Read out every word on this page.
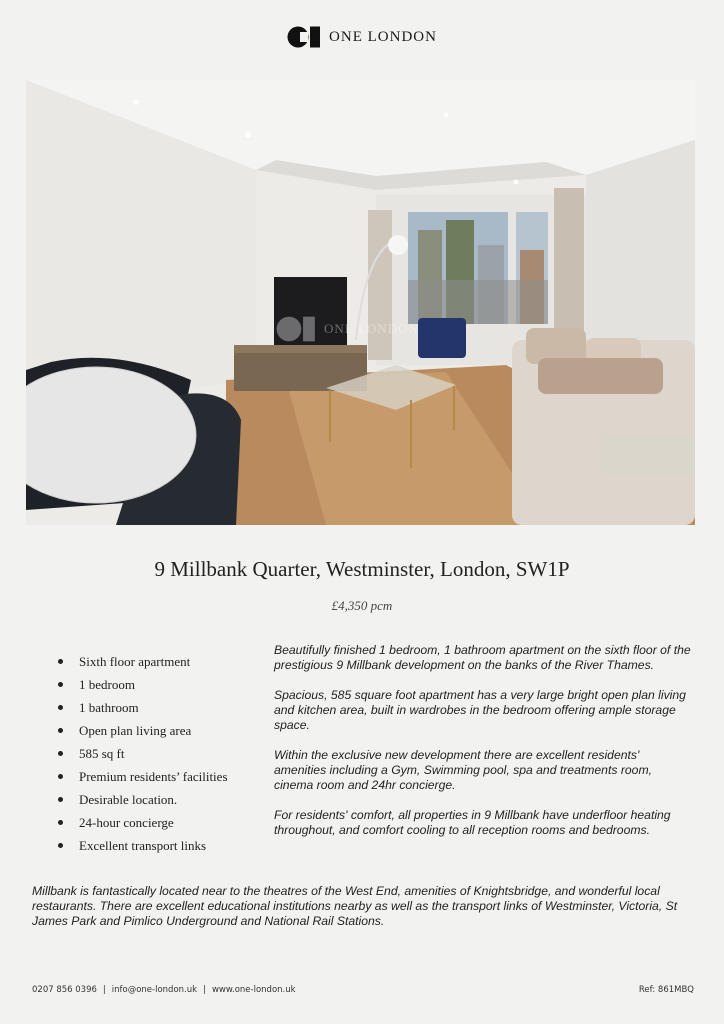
ONE LONDON
ONE LONDON
9 Millbank Quarter, Westminster, London, SW1P
£4,350 pcm
Sixth floor apartment
1 bedroom
1 bathroom
Open plan living area
585 sq ft
Premium residents’ facilities
Desirable location.
24-hour concierge
Excellent transport links

Beautifully finished 1 bedroom, 1 bathroom apartment on the sixth floor of the prestigious 9 Millbank development on the banks of the River Thames.

Spacious, 585 square foot apartment has a very large bright open plan living and kitchen area, built in wardrobes in the bedroom offering ample storage space.

Within the exclusive new development there are excellent residents' amenities including a Gym, Swimming pool, spa and treatments room, cinema room and 24hr concierge.

For residents' comfort, all properties in 9 Millbank have underfloor heating throughout, and comfort cooling to all reception rooms and bedrooms.

Millbank is fantastically located near to the theatres of the West End, amenities of Knightsbridge, and wonderful local restaurants. There are excellent educational institutions nearby as well as the transport links of Westminster, Victoria, St James Park and Pimlico Underground and National Rail Stations.
0207 856 0396 | info@one-london.uk | www.one-london.uk	Ref: 861MBQ
